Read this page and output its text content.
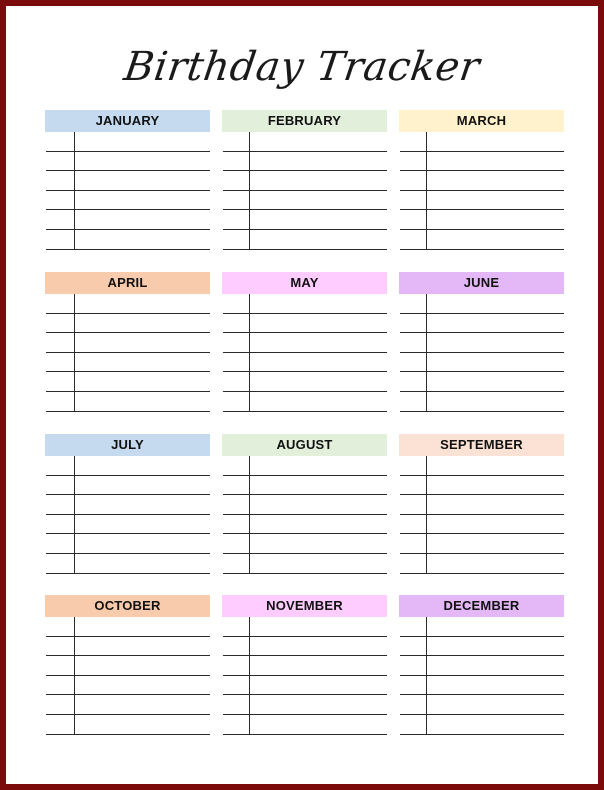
Birthday Tracker
JANUARY	FEBRUARY	MARCH
APRIL	MAY	JUNE
JULY	AUGUST	SEPTEMBER
OCTOBER	NOVEMBER	DECEMBER
